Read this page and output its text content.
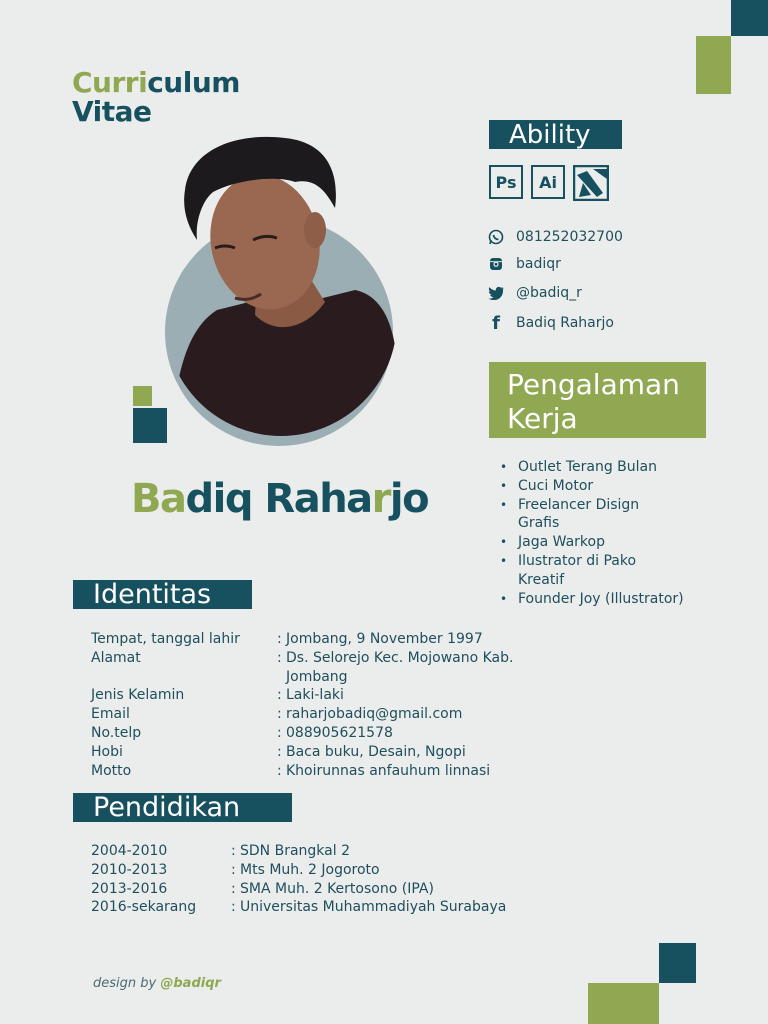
Curriculum
Vitae
Badiq Raharjo
Ability
Ps	Ai
081252032700
badiqr
@badiq_r
f Badiq Raharjo
Pengalaman
Kerja
• Outlet Terang Bulan
• Cuci Motor
• Freelancer Disign Grafis
• Jaga Warkop
• Ilustrator di Pako Kreatif
• Founder Joy (Illustrator)
Identitas
Tempat, tanggal lahir	: Jombang, 9 November 1997
Alamat	: Ds. Selorejo Kec. Mojowano Kab. Jombang
Jenis Kelamin	: Laki-laki
Email	: raharjobadiq@gmail.com
No.telp	: 088905621578
Hobi	: Baca buku, Desain, Ngopi
Motto	: Khoirunnas anfauhum linnasi
Pendidikan
2004-2010	: SDN Brangkal 2
2010-2013	: Mts Muh. 2 Jogoroto
2013-2016	: SMA Muh. 2 Kertosono (IPA)
2016-sekarang	: Universitas Muhammadiyah Surabaya
design by @badiqr
